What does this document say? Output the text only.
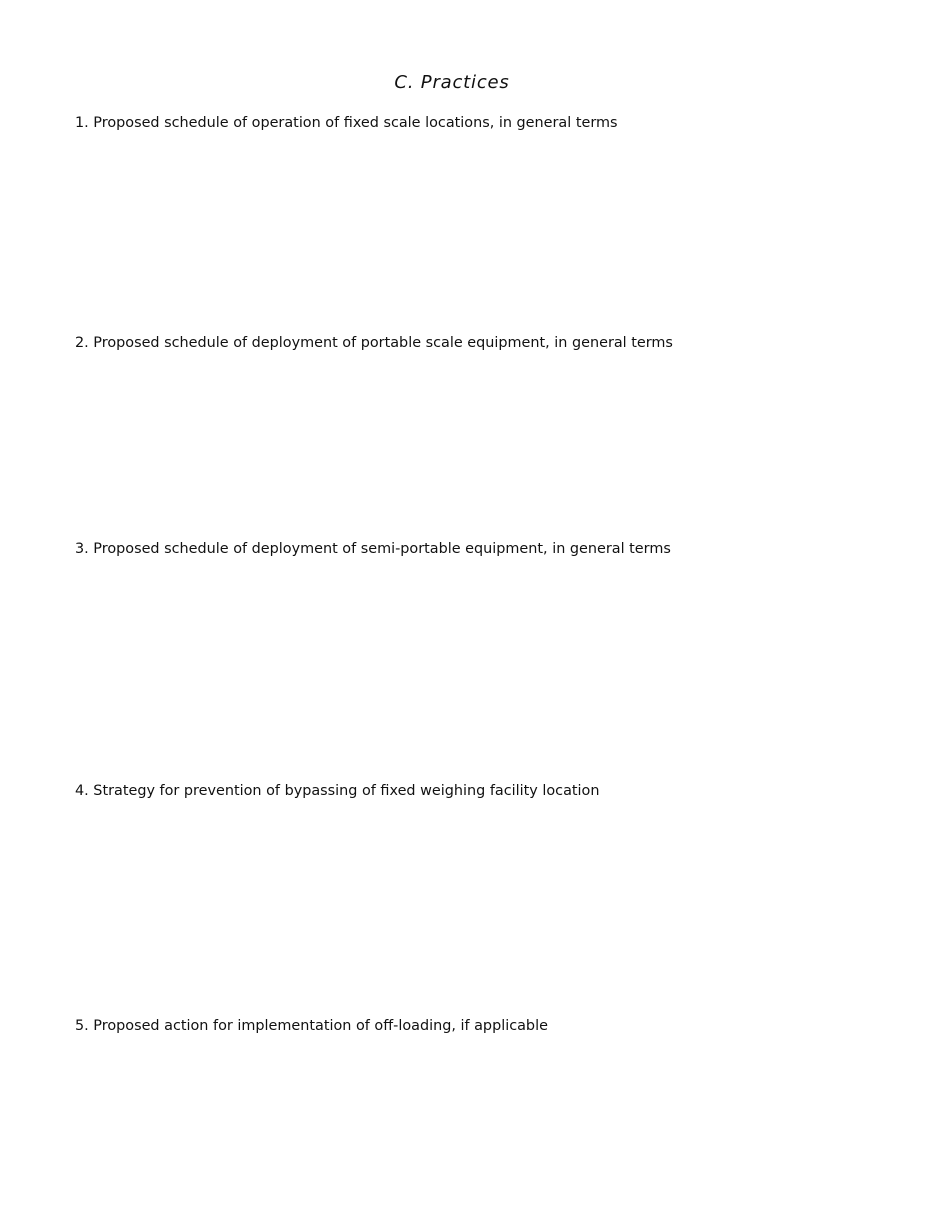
C. Practices

1. Proposed schedule of operation of fixed scale locations, in general terms

2. Proposed schedule of deployment of portable scale equipment, in general terms

3. Proposed schedule of deployment of semi-portable equipment, in general terms

4. Strategy for prevention of bypassing of fixed weighing facility location

5. Proposed action for implementation of off-loading, if applicable
